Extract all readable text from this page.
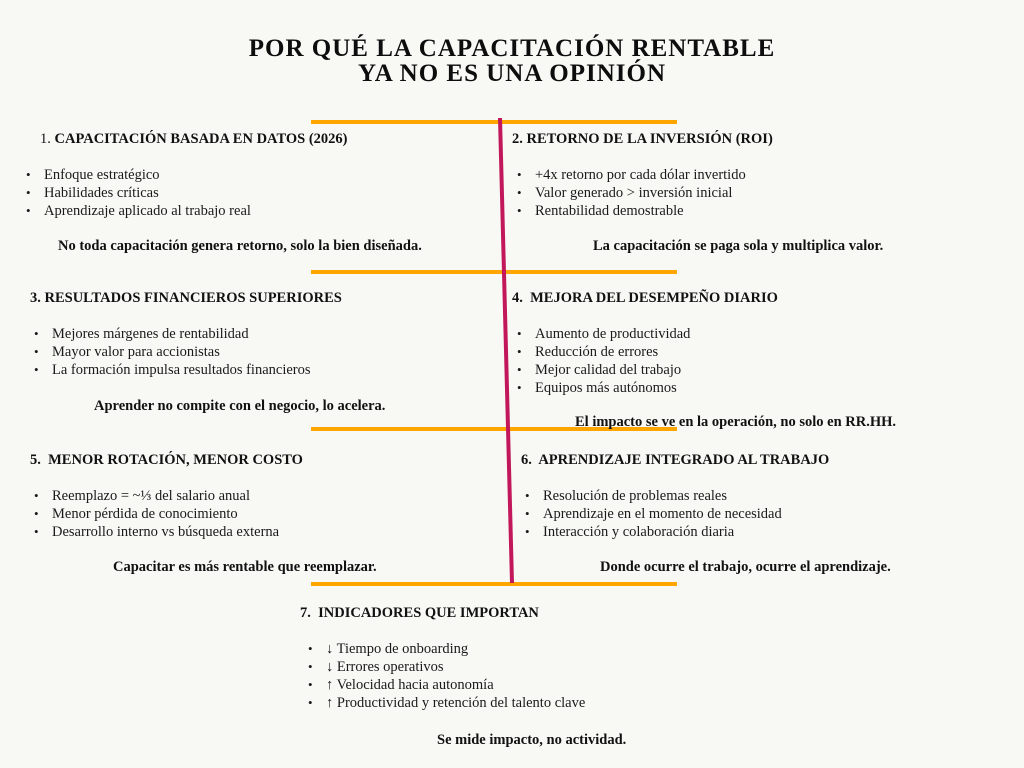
POR QUÉ LA CAPACITACIÓN RENTABLE
YA NO ES UNA OPINIÓN
1. CAPACITACIÓN BASADA EN DATOS (2026)
• Enfoque estratégico
• Habilidades críticas
• Aprendizaje aplicado al trabajo real
No toda capacitación genera retorno, solo la bien diseñada.
2. RETORNO DE LA INVERSIÓN (ROI)
• +4x retorno por cada dólar invertido
• Valor generado > inversión inicial
• Rentabilidad demostrable
La capacitación se paga sola y multiplica valor.
3. RESULTADOS FINANCIEROS SUPERIORES
• Mejores márgenes de rentabilidad
• Mayor valor para accionistas
• La formación impulsa resultados financieros
Aprender no compite con el negocio, lo acelera.
4. MEJORA DEL DESEMPEÑO DIARIO
• Aumento de productividad
• Reducción de errores
• Mejor calidad del trabajo
• Equipos más autónomos
El impacto se ve en la operación, no solo en RR.HH.
5. MENOR ROTACIÓN, MENOR COSTO
• Reemplazo = ~⅓ del salario anual
• Menor pérdida de conocimiento
• Desarrollo interno vs búsqueda externa
Capacitar es más rentable que reemplazar.
6. APRENDIZAJE INTEGRADO AL TRABAJO
• Resolución de problemas reales
• Aprendizaje en el momento de necesidad
• Interacción y colaboración diaria
Donde ocurre el trabajo, ocurre el aprendizaje.
7. INDICADORES QUE IMPORTAN
• ↓ Tiempo de onboarding
• ↓ Errores operativos
• ↑ Velocidad hacia autonomía
• ↑ Productividad y retención del talento clave
Se mide impacto, no actividad.
